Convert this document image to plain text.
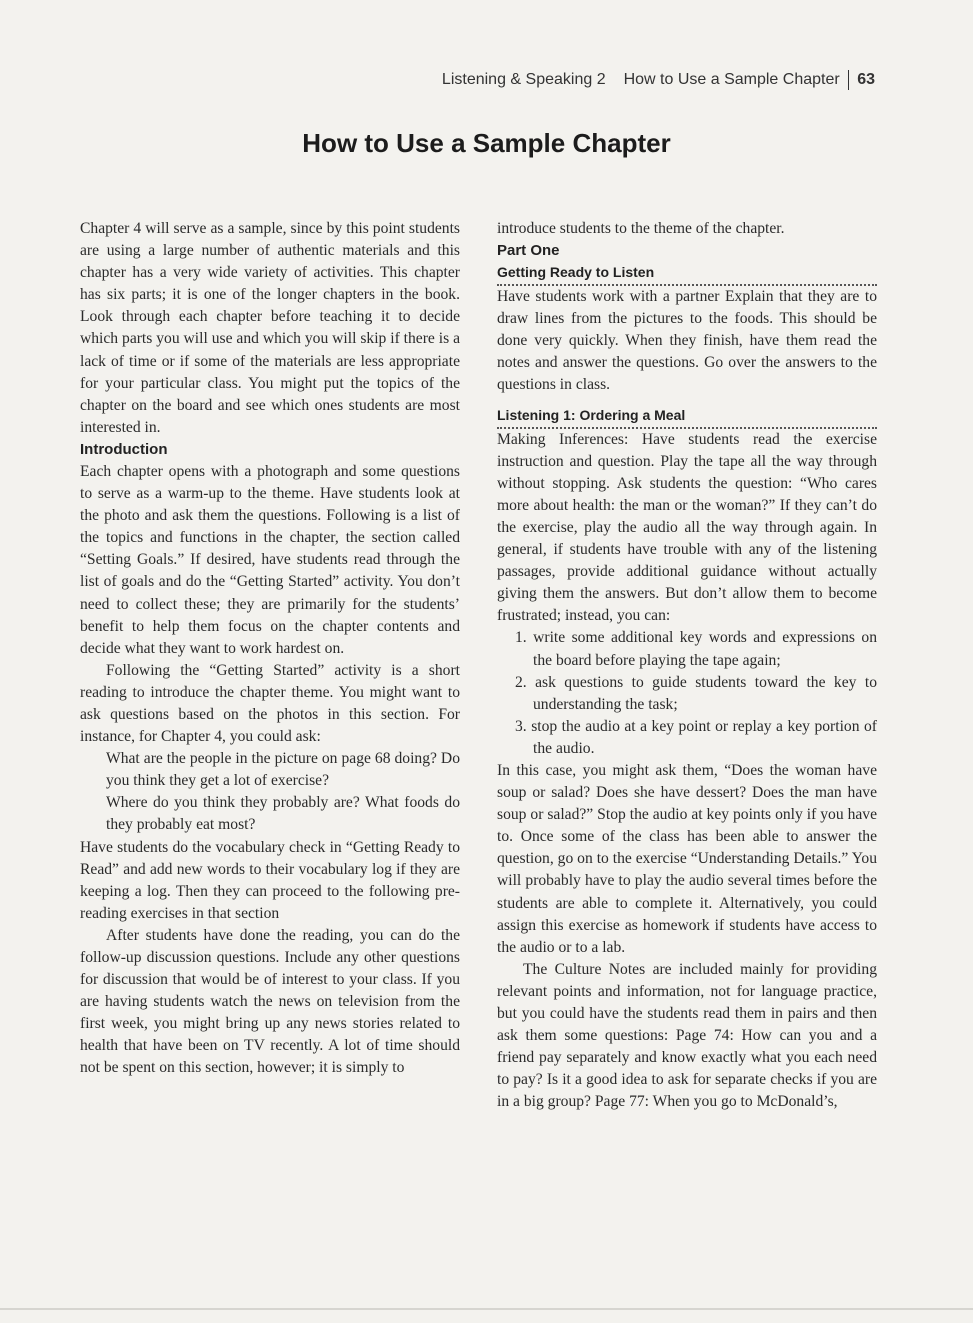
Listening & Speaking 2 How to Use a Sample Chapter 63
How to Use a Sample Chapter

Chapter 4 will serve as a sample, since by this point students are using a large number of authentic materials and this chapter has a very wide variety of activities. This chapter has six parts; it is one of the longer chapters in the book. Look through each chapter before teaching it to decide which parts you will use and which you will skip if there is a lack of time or if some of the materials are less appropriate for your particular class. You might put the topics of the chapter on the board and see which ones students are most interested in.

Introduction

Each chapter opens with a photograph and some questions to serve as a warm-up to the theme. Have students look at the photo and ask them the questions. Following is a list of the topics and functions in the chapter, the section called “Setting Goals.” If desired, have students read through the list of goals and do the “Getting Started” activity. You don’t need to collect these; they are primarily for the students’ benefit to help them focus on the chapter contents and decide what they want to work hardest on.

Following the “Getting Started” activity is a short reading to introduce the chapter theme. You might want to ask questions based on the photos in this section. For instance, for Chapter 4, you could ask:

What are the people in the picture on page 68 doing? Do you think they get a lot of exercise?

Where do you think they probably are? What foods do they probably eat most?

Have students do the vocabulary check in “Getting Ready to Read” and add new words to their vocabulary log if they are keeping a log. Then they can proceed to the following pre-reading exercises in that section

After students have done the reading, you can do the follow-up discussion questions. Include any other questions for discussion that would be of interest to your class. If you are having students watch the news on television from the first week, you might bring up any news stories related to health that have been on TV recently. A lot of time should not be spent on this section, however; it is simply to

introduce students to the theme of the chapter.

Part One

Getting Ready to Listen

Have students work with a partner Explain that they are to draw lines from the pictures to the foods. This should be done very quickly. When they finish, have them read the notes and answer the questions. Go over the answers to the questions in class.

Listening 1: Ordering a Meal

Making Inferences: Have students read the exercise instruction and question. Play the tape all the way through without stopping. Ask students the question: “Who cares more about health: the man or the woman?” If they can’t do the exercise, play the audio all the way through again. In general, if students have trouble with any of the listening passages, provide additional guidance without actually giving them the answers. But don’t allow them to become frustrated; instead, you can:

1. write some additional key words and expressions on the board before playing the tape again;
2. ask questions to guide students toward the key to understanding the task;
3. stop the audio at a key point or replay a key portion of the audio.

In this case, you might ask them, “Does the woman have soup or salad? Does she have dessert? Does the man have soup or salad?” Stop the audio at key points only if you have to. Once some of the class has been able to answer the question, go on to the exercise “Understanding Details.” You will probably have to play the audio several times before the students are able to complete it. Alternatively, you could assign this exercise as homework if students have access to the audio or to a lab.

The Culture Notes are included mainly for providing relevant points and information, not for language practice, but you could have the students read them in pairs and then ask them some questions: Page 74: How can you and a friend pay separately and know exactly what you each need to pay? Is it a good idea to ask for separate checks if you are in a big group? Page 77: When you go to McDonald’s,
